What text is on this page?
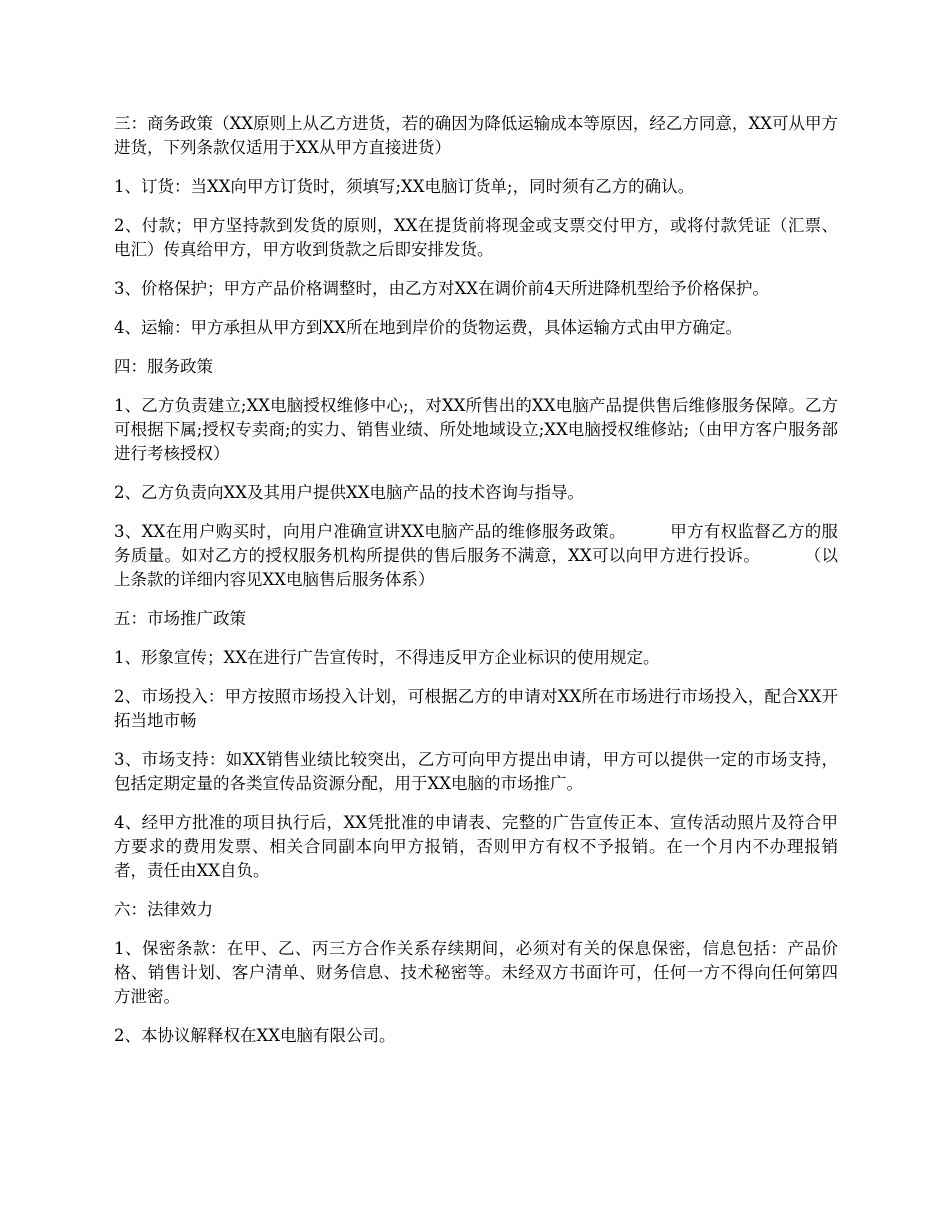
三：商务政策（XX原则上从乙方进货，若的确因为降低运输成本等原因，经乙方同意，XX可从甲方进货，下列条款仅适用于XX从甲方直接进货）

1、订货：当XX向甲方订货时，须填写;XX电脑订货单;，同时须有乙方的确认。

2、付款；甲方坚持款到发货的原则，XX在提货前将现金或支票交付甲方，或将付款凭证（汇票、电汇）传真给甲方，甲方收到货款之后即安排发货。

3、价格保护；甲方产品价格调整时，由乙方对XX在调价前4天所进降机型给予价格保护。

4、运输：甲方承担从甲方到XX所在地到岸价的货物运费，具体运输方式由甲方确定。

四：服务政策

1、乙方负责建立;XX电脑授权维修中心;，对XX所售出的XX电脑产品提供售后维修服务保障。乙方可根据下属;授权专卖商;的实力、销售业绩、所处地域设立;XX电脑授权维修站;（由甲方客户服务部进行考核授权）

2、乙方负责向XX及其用户提供XX电脑产品的技术咨询与指导。

3、XX在用户购买时，向用户准确宣讲XX电脑产品的维修服务政策。        甲方有权监督乙方的服务质量。如对乙方的授权服务机构所提供的售后服务不满意，XX可以向甲方进行投诉。        （以上条款的详细内容见XX电脑售后服务体系）

五：市场推广政策

1、形象宣传；XX在进行广告宣传时，不得违反甲方企业标识的使用规定。

2、市场投入：甲方按照市场投入计划，可根据乙方的申请对XX所在市场进行市场投入，配合XX开拓当地市畅

3、市场支持：如XX销售业绩比较突出，乙方可向甲方提出申请，甲方可以提供一定的市场支持，包括定期定量的各类宣传品资源分配，用于XX电脑的市场推广。

4、经甲方批准的项目执行后，XX凭批准的申请表、完整的广告宣传正本、宣传活动照片及符合甲方要求的费用发票、相关合同副本向甲方报销，否则甲方有权不予报销。在一个月内不办理报销者，责任由XX自负。

六：法律效力

1、保密条款：在甲、乙、丙三方合作关系存续期间，必须对有关的保息保密，信息包括：产品价格、销售计划、客户清单、财务信息、技术秘密等。未经双方书面许可，任何一方不得向任何第四方泄密。

2、本协议解释权在XX电脑有限公司。
